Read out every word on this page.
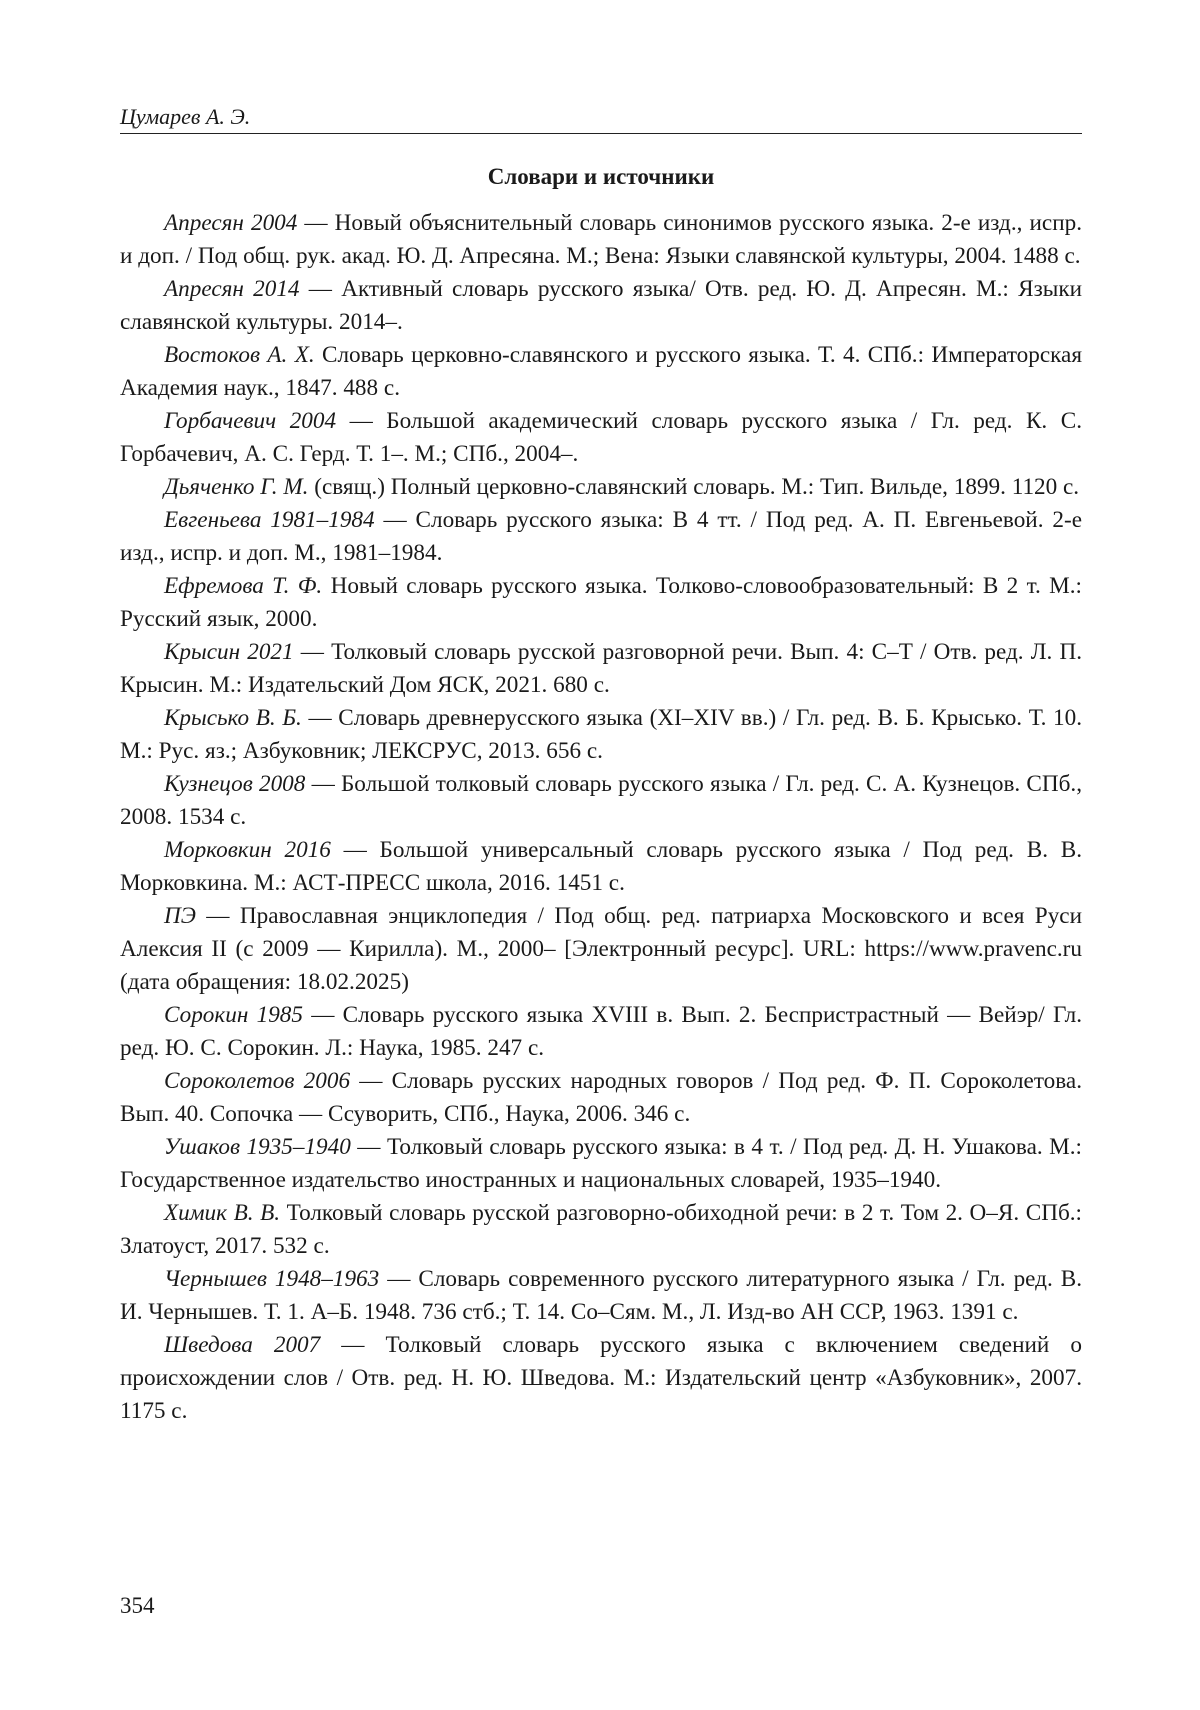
Цумарев А. Э.
Словари и источники
Апресян 2004 — Новый объяснительный словарь синонимов русского языка. 2-е изд., испр. и доп. / Под общ. рук. акад. Ю. Д. Апресяна. М.; Вена: Языки славянской культуры, 2004. 1488 с.
Апресян 2014 — Активный словарь русского языка/ Отв. ред. Ю. Д. Апресян. М.: Языки славянской культуры. 2014–.
Востоков А. Х. Словарь церковно-славянского и русского языка. Т. 4. СПб.: Императорская Академия наук., 1847. 488 с.
Горбачевич 2004 — Большой академический словарь русского языка / Гл. ред. К. С. Горбачевич, А. С. Герд. Т. 1–. М.; СПб., 2004–.
Дьяченко Г. М. (свящ.) Полный церковно-славянский словарь. М.: Тип. Вильде, 1899. 1120 с.
Евгеньева 1981–1984 — Словарь русского языка: В 4 тт. / Под ред. А. П. Евгеньевой. 2-е изд., испр. и доп. М., 1981–1984.
Ефремова Т. Ф. Новый словарь русского языка. Толково-словообразовательный: В 2 т. М.: Русский язык, 2000.
Крысин 2021 — Толковый словарь русской разговорной речи. Вып. 4: С–Т / Отв. ред. Л. П. Крысин. М.: Издательский Дом ЯСК, 2021. 680 с.
Крысько В. Б. — Словарь древнерусского языка (XI–XIV вв.) / Гл. ред. В. Б. Крысько. Т. 10. М.: Рус. яз.; Азбуковник; ЛЕКСРУС, 2013. 656 с.
Кузнецов 2008 — Большой толковый словарь русского языка / Гл. ред. С. А. Кузнецов. СПб., 2008. 1534 с.
Морковкин 2016 — Большой универсальный словарь русского языка / Под ред. В. В. Морковкина. М.: АСТ-ПРЕСС школа, 2016. 1451 с.
ПЭ — Православная энциклопедия / Под общ. ред. патриарха Московского и всея Руси Алексия II (с 2009 — Кирилла). М., 2000– [Электронный ресурс]. URL: https://www.pravenc.ru (дата обращения: 18.02.2025)
Сорокин 1985 — Словарь русского языка XVIII в. Вып. 2. Беспристрастный — Вейэр/ Гл. ред. Ю. С. Сорокин. Л.: Наука, 1985. 247 с.
Сороколетов 2006 — Словарь русских народных говоров / Под ред. Ф. П. Сороколетова. Вып. 40. Сопочка — Ссуворить, СПб., Наука, 2006. 346 с.
Ушаков 1935–1940 — Толковый словарь русского языка: в 4 т. / Под ред. Д. Н. Ушакова. М.: Государственное издательство иностранных и национальных словарей, 1935–1940.
Химик В. В. Толковый словарь русской разговорно-обиходной речи: в 2 т. Том 2. О–Я. СПб.: Златоуст, 2017. 532 с.
Чернышев 1948–1963 — Словарь современного русского литературного языка / Гл. ред. В. И. Чернышев. Т. 1. А–Б. 1948. 736 стб.; Т. 14. Со–Сям. М., Л. Изд-во АН ССР, 1963. 1391 с.
Шведова 2007 — Толковый словарь русского языка с включением сведений о происхождении слов / Отв. ред. Н. Ю. Шведова. М.: Издательский центр «Азбуковник», 2007. 1175 с.
354
